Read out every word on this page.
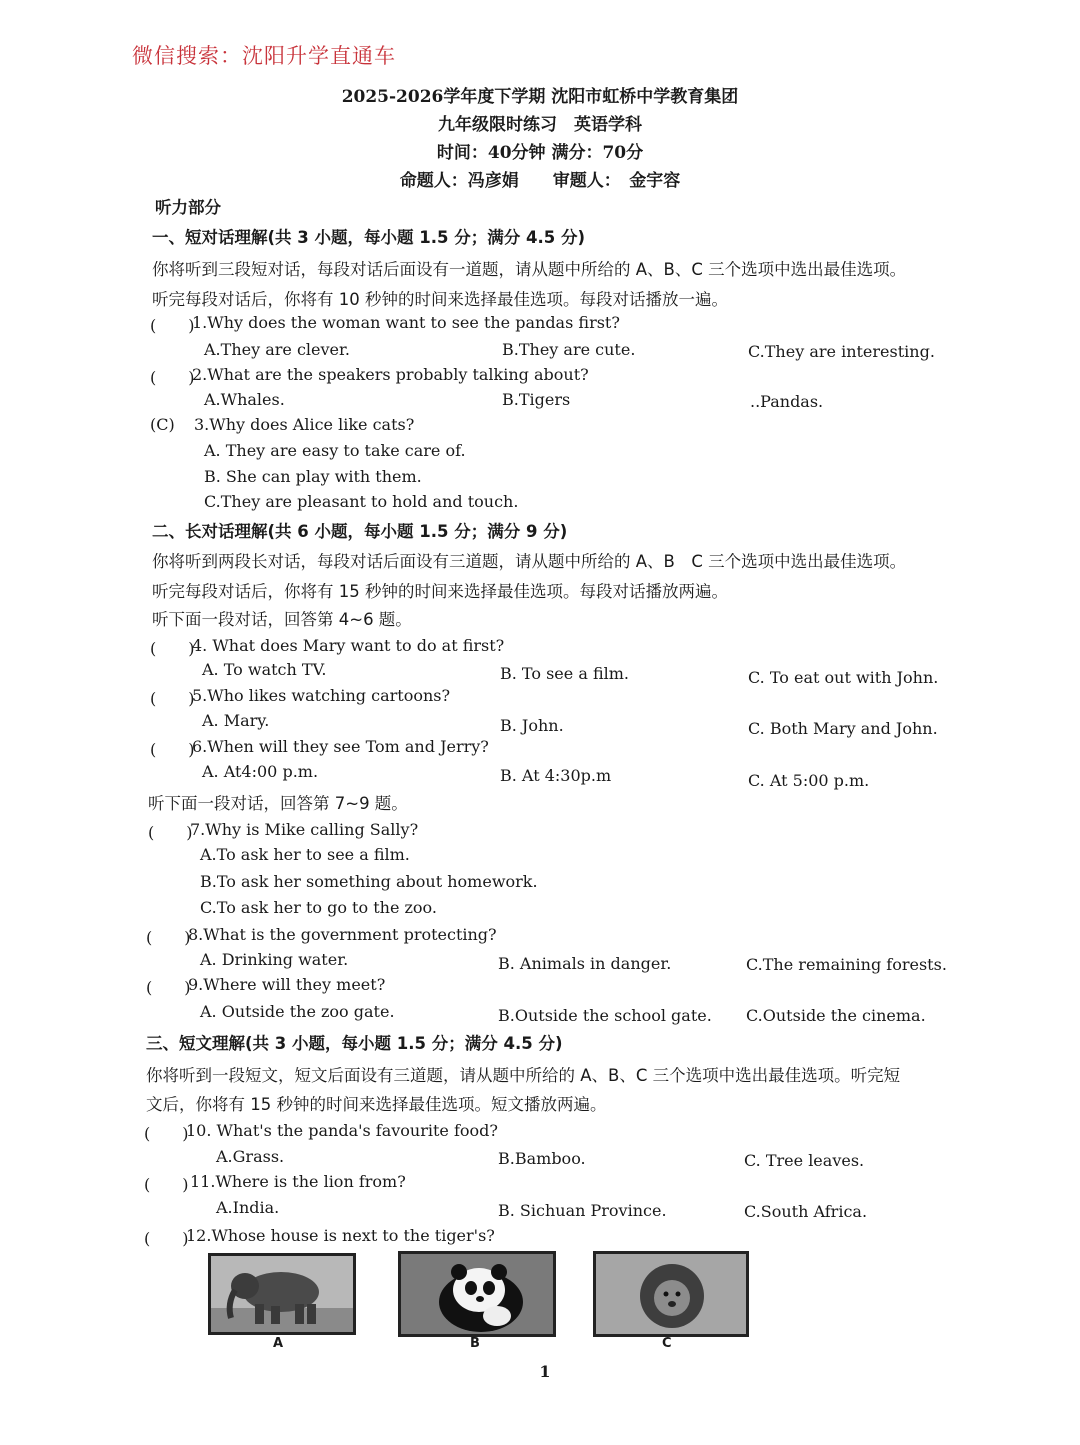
微信搜索：沈阳升学直通车
2025-2026学年度下学期 沈阳市虹桥中学教育集团
九年级限时练习　英语学科
时间：40分钟 满分：70分
命题人：冯彦娟　　审题人：　金宇容
听力部分
一、短对话理解(共 3 小题，每小题 1.5 分；满分 4.5 分)
你将听到三段短对话，每段对话后面设有一道题，请从题中所给的 A、B、C 三个选项中选出最佳选项。
听完每段对话后，你将有 10 秒钟的时间来选择最佳选项。每段对话播放一遍。
(　　)
1.Why does the woman want to see the pandas first?
A.They are clever.	B.They are cute.	C.They are interesting.
(　　)
2.What are the speakers probably talking about?
A.Whales.	B.Tigers	..Pandas.
(C) 3.Why does Alice like cats?
A. They are easy to take care of.
B. She can play with them.
C.They are pleasant to hold and touch.
二、长对话理解(共 6 小题，每小题 1.5 分；满分 9 分)
你将听到两段长对话，每段对话后面设有三道题，请从题中所给的 A、B　C 三个选项中选出最佳选项。
听完每段对话后，你将有 15 秒钟的时间来选择最佳选项。每段对话播放两遍。
听下面一段对话，回答第 4~6 题。
(　　)
4. What does Mary want to do at first?
A. To watch TV.	B. To see a film.	C. To eat out with John.
(　　)
5.Who likes watching cartoons?
A. Mary.	B. John.	C. Both Mary and John.
(　　)
6.When will they see Tom and Jerry?
A. At4:00 p.m.	B. At 4:30p.m	C. At 5:00 p.m.
听下面一段对话，回答第 7~9 题。
(　　)
7.Why is Mike calling Sally?
A.To ask her to see a film.
B.To ask her something about homework.
C.To ask her to go to the zoo.
(　　)
8.What is the government protecting?
A. Drinking water.	B. Animals in danger.	C.The remaining forests.
(　　)
9.Where will they meet?
A. Outside the zoo gate.	B.Outside the school gate. C.Outside the cinema.
三、短文理解(共 3 小题，每小题 1.5 分；满分 4.5 分)
你将听到一段短文，短文后面设有三道题，请从题中所给的 A、B、C 三个选项中选出最佳选项。听完短
文后，你将有 15 秒钟的时间来选择最佳选项。短文播放两遍。
(　　)
10. What's the panda's favourite food?
A.Grass.	B.Bamboo.	C. Tree leaves.
(　　) 11.Where is the lion from?
A.India.	B. Sichuan Province.	C.South Africa.
(　　)
12.Whose house is next to the tiger's?
A	B	C
1
